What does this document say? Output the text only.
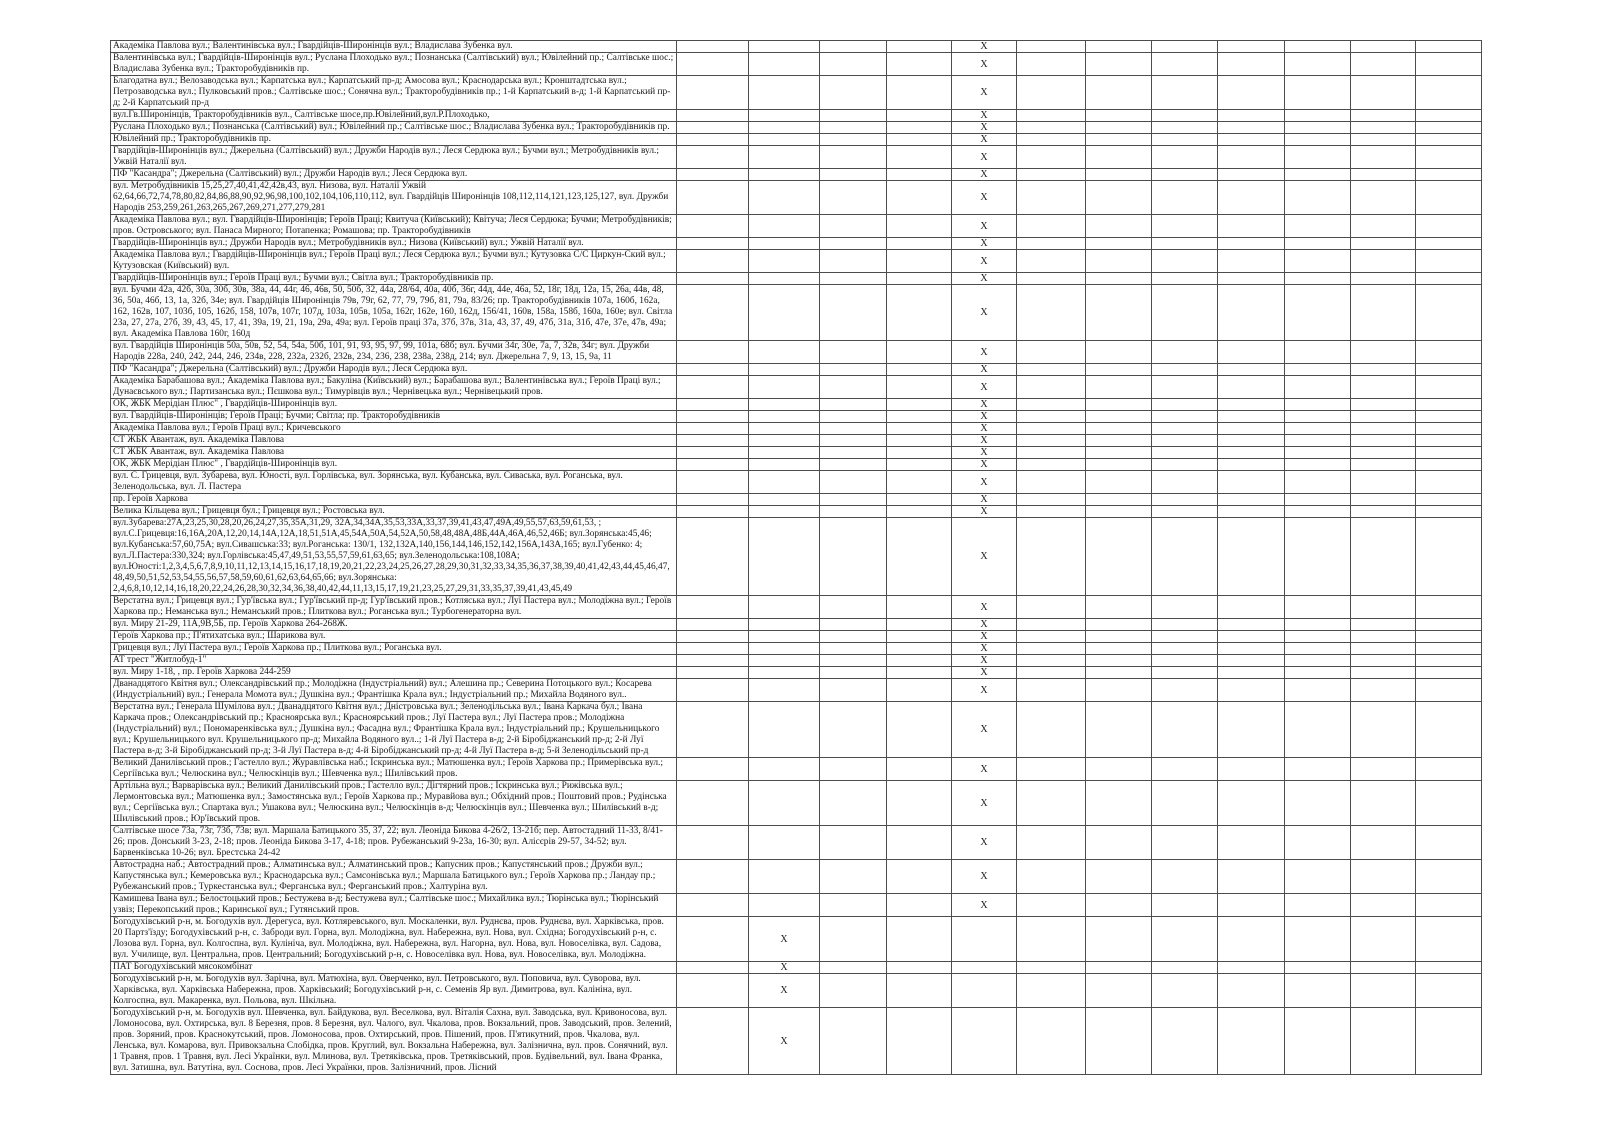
Академіка Павлова вул.; Валентинівська вул.; Гвардійців-Широнінців вул.; Владислава Зубенка вул.					X							
Валентинівська вул.; Гвардійців-Широнінців вул.; Руслана Плоходько вул.; Познанська (Салтівський) вул.; Ювілейний пр.; Салтівське шос.; Владислава Зубенка вул.; Тракторобудівників пр.					X							
Благодатна вул.; Велозаводська вул.; Карпатська вул.; Карпатський пр-д; Амосова вул.; Краснодарська вул.; Кронштадтська вул.; Петрозаводська вул.; Пулковський пров.; Салтівське шос.; Сонячна вул.; Тракторобудівників пр.; 1-й Карпатський в-д; 1-й Карпатський пр-д; 2-й Карпатський пр-д					X							
вул.Гв.Широнінців, Тракторобудівників вул., Салтівське шосе,пр.Ювілейний,вул.Р.Плоходько,					X							
Руслана Плоходько вул.; Познанська (Салтівський) вул.; Ювілейний пр.; Салтівське шос.; Владислава Зубенка вул.; Тракторобудівників пр.					X							
Ювілейний пр.; Тракторобудівників пр.					X							
Гвардійців-Широнінців вул.; Джерельна (Салтівський) вул.; Дружби Народів вул.; Леся Сердюка вул.; Бучми вул.; Метробудівників вул.; Ужвій Наталії вул.					X							
ПФ "Касандра"; Джерельна (Салтівський) вул.; Дружби Народів вул.; Леся Сердюка вул.					X							
вул. Метробудівників 15,25,27,40,41,42,42в,43, вул. Низова, вул. Наталії Ужвій 62,64,66,72,74,78,80,82,84,86,88,90,92,96,98,100,102,104,106,110,112, вул. Гвардійців Широнінців 108,112,114,121,123,125,127, вул. Дружби Народів 253,259,261,263,265,267,269,271,277,279,281					X							
Академіка Павлова вул.; вул. Гвардійців-Широнінців; Героїв Праці; Квитуча (Київський); Квітуча; Леся Сердюка; Бучми; Метробудівників; пров. Островського; вул. Панаса Мирного; Потапенка; Ромашова; пр. Тракторобудівників					X							
Гвардійців-Широнінців вул.; Дружби Народів вул.; Метробудівників вул.; Низова (Київський) вул.; Ужвій Наталії вул.					X							
Академіка Павлова вул.; Гвардійців-Широнінців вул.; Героїв Праці вул.; Леся Сердюка вул.; Бучми вул.; Кутузовка С/С Циркун-Ский вул.; Кутузовская (Київський) вул.					X							
Гвардійців-Широнінців вул.; Героїв Праці вул.; Бучми вул.; Світла вул.; Тракторобудівників пр.					X							
вул. Бучми 42а, 42б, 30а, 30б, 30в, 38а, 44, 44г, 46, 46в, 50, 50б, 32, 44а, 28/64, 40а, 40б, 36г, 44д, 44е, 46а, 52, 18г, 18д, 12а, 15, 26а, 44в, 48, 36, 50а, 46б, 13, 1а, 32б, 34е; вул. Гвардійців Широнінців 79в, 79г, 62, 77, 79, 79б, 81, 79а, 83/26; пр. Тракторобудівників 107а, 160б, 162а, 162, 162в, 107, 103б, 105, 162б, 158, 107в, 107г, 107д, 103а, 105в, 105а, 162г, 162е, 160, 162д, 156/41, 160в, 158а, 158б, 160а, 160е; вул. Світла 23а, 27, 27а, 27б, 39, 43, 45, 17, 41, 39а, 19, 21, 19а, 29а, 49а; вул. Героїв праці 37а, 37б, 37в, 31а, 43, 37, 49, 47б, 31а, 31б, 47е, 37е, 47в, 49а; вул. Академіка Павлова 160г, 160д					X							
вул. Гвардійців Широнінців 50а, 50в, 52, 54, 54а, 50б, 101, 91, 93, 95, 97, 99, 101а, 68б; вул. Бучми 34г, 30е, 7а, 7, 32в, 34г; вул. Дружби Народів 228а, 240, 242, 244, 246, 234в, 228, 232а, 232б, 232в, 234, 236, 238, 238а, 238д, 214; вул. Джерельна 7, 9, 13, 15, 9а, 11					X							
ПФ "Касандра"; Джерельна (Салтівський) вул.; Дружби Народів вул.; Леся Сердюка вул.					X							
Академіка Барабашова вул.; Академіка Павлова вул.; Бакуліна (Київський) вул.; Барабашова вул.; Валентинівська вул.; Героїв Праці вул.; Дунаєвського вул.; Партизанська вул.; Пєшкова вул.; Тимурівців вул.; Чернівецька вул.; Чернівецький пров.					X							
ОК, ЖБК Мерідіан Плюс" , Гвардійців-Широнінців вул.					X							
вул. Гвардійців-Широнінців; Героїв Праці; Бучми; Світла; пр. Тракторобудівників					X							
Академіка Павлова вул.; Героїв Праці вул.; Кричевського					X							
СТ ЖБК Авантаж, вул. Академіка Павлова					X							
СТ ЖБК Авантаж, вул. Академіка Павлова					X							
ОК, ЖБК Мерідіан Плюс" , Гвардійців-Широнінців вул.					X							
вул. С. Грицевця, вул. Зубарева, вул. Юності, вул. Горлівська, вул. Зорянська, вул. Кубанська, вул. Сиваська, вул. Роганська, вул. Зеленодольська, вул. Л. Пастера					X							
пр. Героїв Харкова					X							
Велика Кільцева вул.; Грицевця бул.; Грицевця вул.; Ростовська вул.					X							
вул.Зубарева:27А,23,25,30,28,20,26,24,27,35,35А,31,29, 32А,34,34А,35,53,33А,33,37,39,41,43,47,49А,49,55,57,63,59,61,53, ; вул.С.Грицевця:16,16А,20А,12,20,14,14А,12А,18,51,51А,45,54А,50А,54,52А,50,58,48,48А,48Б,44А,46А,46,52,46Б; вул.Зорянська:45,46; вул.Кубанська:57,60,75А; вул.Сивашська:33; вул.Роганська: 130/1, 132,132А,140,156,144,146,152,142,156А,143А,165; вул.Губенко: 4; вул.Л.Пастера:330,324; вул.Горлівська:45,47,49,51,53,55,57,59,61,63,65; вул.Зеленодольська:108,108А; вул.Юності:1,2,3,4,5,6,7,8,9,10,11,12,13,14,15,16,17,18,19,20,21,22,23,24,25,26,27,28,29,30,31,32,33,34,35,36,37,38,39,40,41,42,43,44,45,46,47,48,49,50,51,52,53,54,55,56,57,58,59,60,61,62,63,64,65,66; вул.Зорянська: 2,4,6,8,10,12,14,16,18,20,22,24,26,28,30,32,34,36,38,40,42,44,11,13,15,17,19,21,23,25,27,29,31,33,35,37,39,41,43,45,49					X							
Верстатна вул.; Грицевця вул.; Гур'ївська вул.; Гур'ївський пр-д; Гур'ївський пров.; Котляська вул.; Луї Пастера вул.; Молодіжна вул.; Героїв Харкова пр.; Неманська вул.; Неманський пров.; Плиткова вул.; Роганська вул.; Турбогенераторна вул.					X							
вул. Миру 21-29, 11А,9В,5Б, пр. Героїв Харкова 264-268Ж.					X							
Героїв Харкова пр.; П'ятихатська вул.; Шарикова вул.					X							
Грицевця вул.; Луї Пастера вул.; Героїв Харкова пр.; Плиткова вул.; Роганська вул.					X							
АТ трест "Житлобуд-1"					X							
вул. Миру 1-18, , пр. Героїв Харкова 244-259					X							
Дванадцятого Квітня вул.; Олександрівський пр.; Молодіжна (Індустріальний) вул.; Алешина пр.; Северина Потоцького вул.; Косарева (Индустріальний) вул.; Генерала Момота вул.; Душкіна вул.; Франтішка Крала вул.; Індустріальний пр.; Михайла Водяного вул..					X							
Верстатна вул.; Генерала Шумілова вул.; Дванадцятого Квітня вул.; Дністровська вул.; Зеленодільська вул.; Івана Каркача бул.; Івана Каркача пров.; Олександрівський пр.; Красноярська вул.; Красноярський пров.; Луї Пастера вул.; Луї Пастера пров.; Молодіжна (Індустріальний) вул.; Пономаренківська вул.; Душкіна вул.; Фасадна вул.; Франтішка Крала вул.; Індустріальний пр.; Крушельницького вул.; Крушельницького вул. Крушельницького пр-д; Михайла Водяного вул..; 1-й Луї Пастера в-д; 2-й Біробіджанський пр-д; 2-й Луї Пастера в-д; 3-й Біробіджанський пр-д; 3-й Луї Пастера в-д; 4-й Біробіджанський пр-д; 4-й Луї Пастера в-д; 5-й Зеленодільський пр-д					X							
Великий Данилівський пров.; Гастелло вул.; Журавлівська наб.; Іскринська вул.; Матюшенка вул.; Героїв Харкова пр.; Примерівська вул.; Сергіївська вул.; Челюскина вул.; Челюскінців вул.; Шевченка вул.; Шилівський пров.					X							
Артільна вул.; Варварівська вул.; Великий Данилівський пров.; Гастелло вул.; Дігтярний пров.; Іскринська вул.; Рижівська вул.; Лермонтовська вул.; Матюшенка вул.; Замостянська вул.; Героїв Харкова пр.; Муравйова вул.; Обхідний пров.; Поштовий пров.; Рудінська вул.; Сергіївська вул.; Спартака вул.; Ушакова вул.; Челюскина вул.; Челюскінців в-д; Челюскінців вул.; Шевченка вул.; Шилівський в-д; Шилівський пров.; Юр'ївський пров.					X							
Салтівське шосе 73а, 73г, 73б, 73в; вул. Маршала Батицького 35, 37, 22; вул. Леоніда Бикова 4-26/2, 13-21б; пер. Автостадний 11-33, 8/41-26; пров. Донський 3-23, 2-18; пров. Леоніда Бикова 3-17, 4-18; пров. Рубежанський 9-23а, 16-30; вул. Алісєрів 29-57, 34-52; вул. Барвенківська 10-26; вул. Брестська 24-42					X							
Автострадна наб.; Автострадний пров.; Алматинська вул.; Алматинський пров.; Капусник пров.; Капустянський пров.; Дружби вул.; Капустянська вул.; Кемеровська вул.; Краснодарська вул.; Самсонівська вул.; Маршала Батицького вул.; Героїв Харкова пр.; Ландау пр.; Рубежанський пров.; Туркестанська вул.; Ферганська вул.; Ферганський пров.; Халтуріна вул.					X							
Камишева Івана вул.; Белостоцький пров.; Бестужева в-д; Бестужева вул.; Салтівське шос.; Михайлика вул.; Тюрінська вул.; Тюрінський узвіз; Перекопський пров.; Каринської вул.; Гутянський пров.					X							
Богодухівський р-н, м. Богодухів вул. Дерегуса, вул. Котляревського, вул. Москаленки, вул. Руднєва, пров. Руднєва, вул. Харківська, пров. 20 Партз'їзду; Богодухівський р-н, с. Заброди вул. Горна, вул. Молодіжна, вул. Набережна, вул. Нова, вул. Східна; Богодухівський р-н, с. Лозова вул. Горна, вул. Колгоспна, вул. Кулініча, вул. Молодіжна, вул. Набережна, вул. Нагорна, вул. Нова, вул. Новоселівка, вул. Садова, вул. Училище, вул. Центральна, пров. Центральний; Богодухівський р-н, с. Новоселівка вул. Нова, вул. Новоселівка, вул. Молодіжна.		X										
ПАТ Богодухівський мясокомбінат		X										
Богодухівський р-н, м. Богодухів вул. Зарічна, вул. Матюхіна, вул. Оверченко, вул. Петровського, вул. Поповича, вул. Суворова, вул. Харківська, вул. Харківська Набережна, пров. Харківський; Богодухівський р-н, с. Семенів Яр вул. Димитрова, вул. Калініна, вул. Колгоспна, вул. Макаренка, вул. Польова, вул. Шкільна.		X										
Богодухівський р-н, м. Богодухів вул. Шевченка, вул. Байдукова, вул. Веселкова, вул. Віталія Сахна, вул. Заводська, вул. Кривоносова, вул. Ломоносова, вул. Охтирська, вул. 8 Березня, пров. 8 Березня, вул. Чалого, вул. Чкалова, пров. Вокзальний, пров. Заводський, пров. Зелений, пров. Зоряний, пров. Краснокутський, пров. Ломоносова, пров. Охтирський, пров. Пішений, пров. П'ятикутний, пров. Чкалова, вул. Ленська, вул. Комарова, вул. Привокзальна Слобідка, пров. Круглий, вул. Вокзальна Набережна, вул. Залізнична, вул. пров. Сонячний, вул. 1 Травня, пров. 1 Травня, вул. Лесі Українки, вул. Млинова, вул. Третяківська, пров. Третяківський, пров. Будівельний, вул. Івана Франка, вул. Затишна, вул. Ватутіна, вул. Соснова, пров. Лесі Українки, пров. Залізничний, пров. Лісний		X										
